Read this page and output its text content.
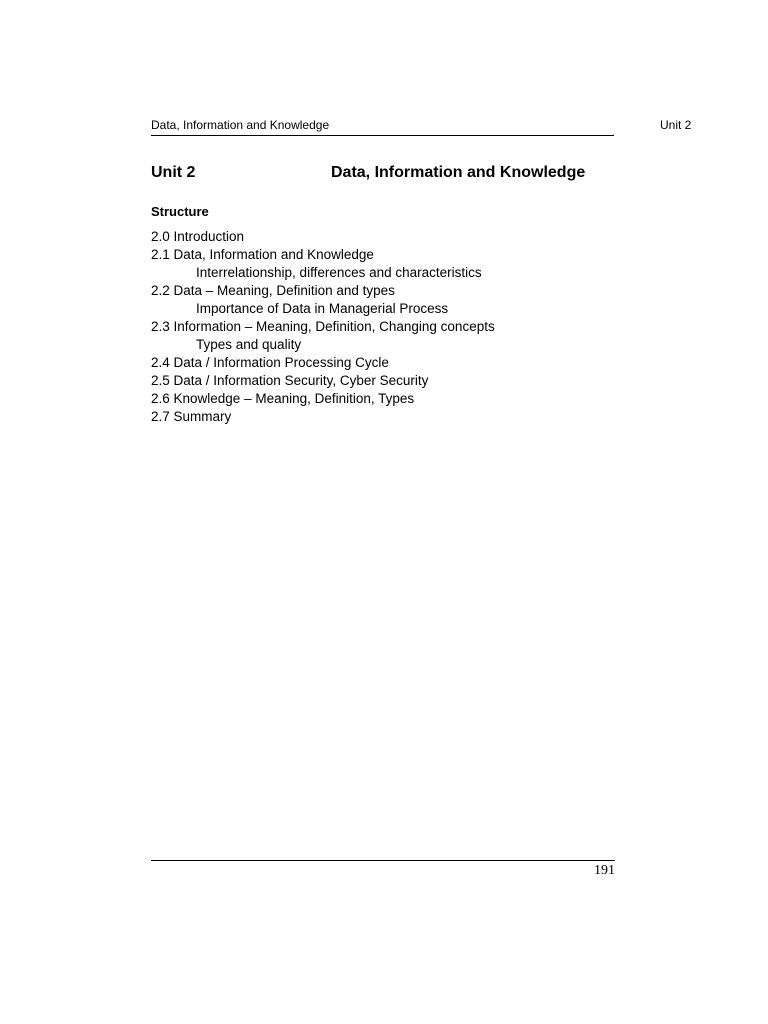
Data, Information and Knowledge	Unit 2
Unit 2	Data, Information and Knowledge
Structure
2.0 Introduction
2.1 Data, Information and Knowledge
Interrelationship, differences and characteristics
2.2 Data – Meaning, Definition and types
Importance of Data in Managerial Process
2.3 Information – Meaning, Definition, Changing concepts
Types and quality
2.4 Data / Information Processing Cycle
2.5 Data / Information Security, Cyber Security
2.6 Knowledge – Meaning, Definition, Types
2.7 Summary
191
